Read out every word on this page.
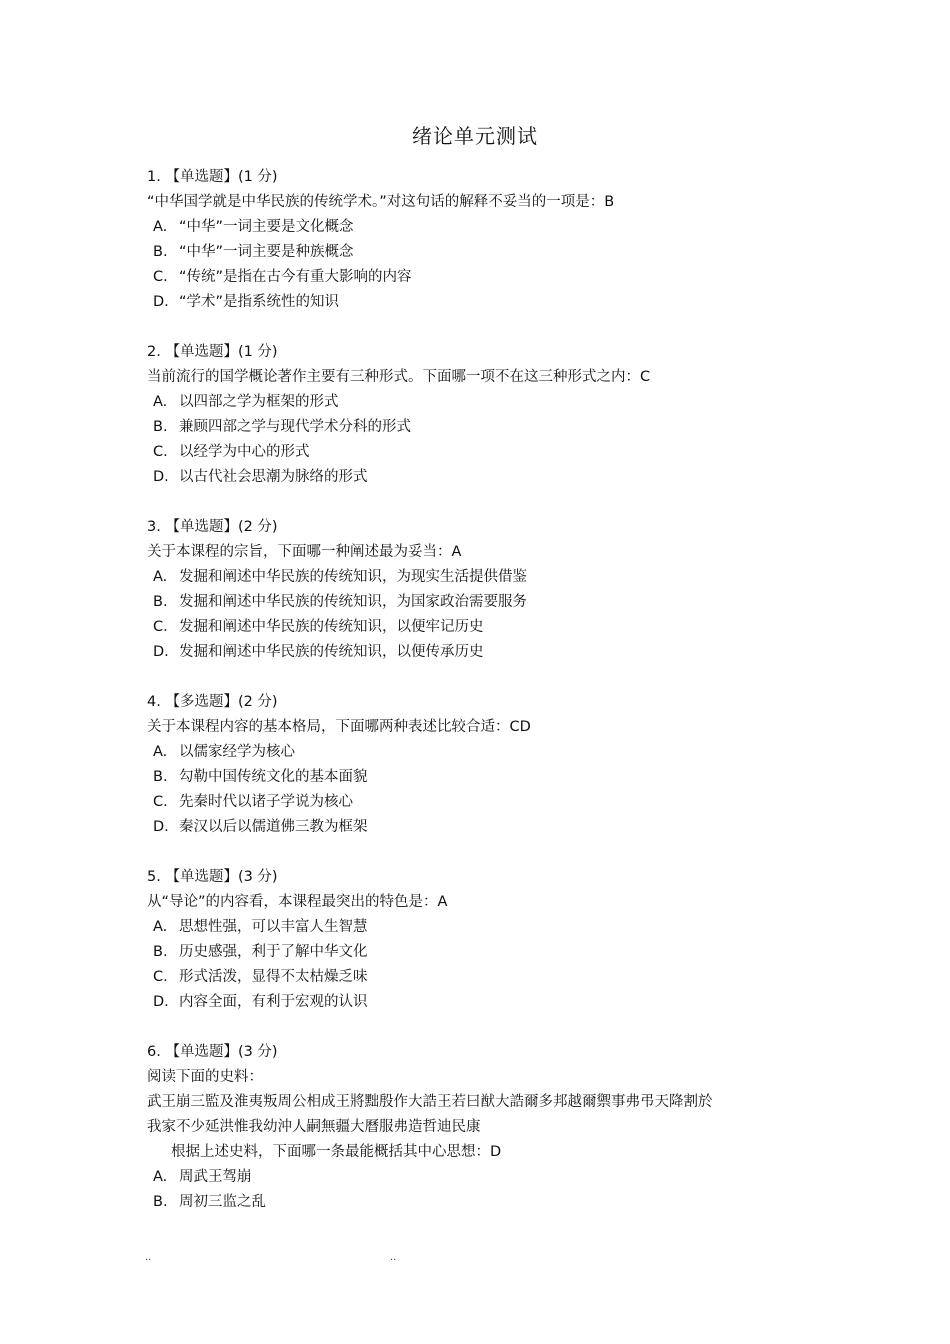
绪论单元测试
1. 【单选题】(1 分)
“中华国学就是中华民族的传统学术。”对这句话的解释不妥当的一项是：B
A. “中华”一词主要是文化概念
B. “中华”一词主要是种族概念
C. “传统”是指在古今有重大影响的内容
D. “学术”是指系统性的知识
2. 【单选题】(1 分)
当前流行的国学概论著作主要有三种形式。下面哪一项不在这三种形式之内：C
A. 以四部之学为框架的形式
B. 兼顾四部之学与现代学术分科的形式
C. 以经学为中心的形式
D. 以古代社会思潮为脉络的形式
3. 【单选题】(2 分)
关于本课程的宗旨，下面哪一种阐述最为妥当：A
A. 发掘和阐述中华民族的传统知识，为现实生活提供借鉴
B. 发掘和阐述中华民族的传统知识，为国家政治需要服务
C. 发掘和阐述中华民族的传统知识，以便牢记历史
D. 发掘和阐述中华民族的传统知识，以便传承历史
4. 【多选题】(2 分)
关于本课程内容的基本格局，下面哪两种表述比较合适：CD
A. 以儒家经学为核心
B. 勾勒中国传统文化的基本面貌
C. 先秦时代以诸子学说为核心
D. 秦汉以后以儒道佛三教为框架
5. 【单选题】(3 分)
从“导论”的内容看，本课程最突出的特色是：A
A. 思想性强，可以丰富人生智慧
B. 历史感强，利于了解中华文化
C. 形式活泼，显得不太枯燥乏味
D. 内容全面，有利于宏观的认识
6. 【单选题】(3 分)
阅读下面的史料：
武王崩三監及淮夷叛周公相成王將黜殷作大誥王若曰猷大誥爾多邦越爾禦事弗弔天降割於
我家不少延洪惟我幼沖人嗣無疆大曆服弗造哲迪民康
根据上述史料，下面哪一条最能概括其中心思想：D
A. 周武王驾崩
B. 周初三监之乱
..	..
